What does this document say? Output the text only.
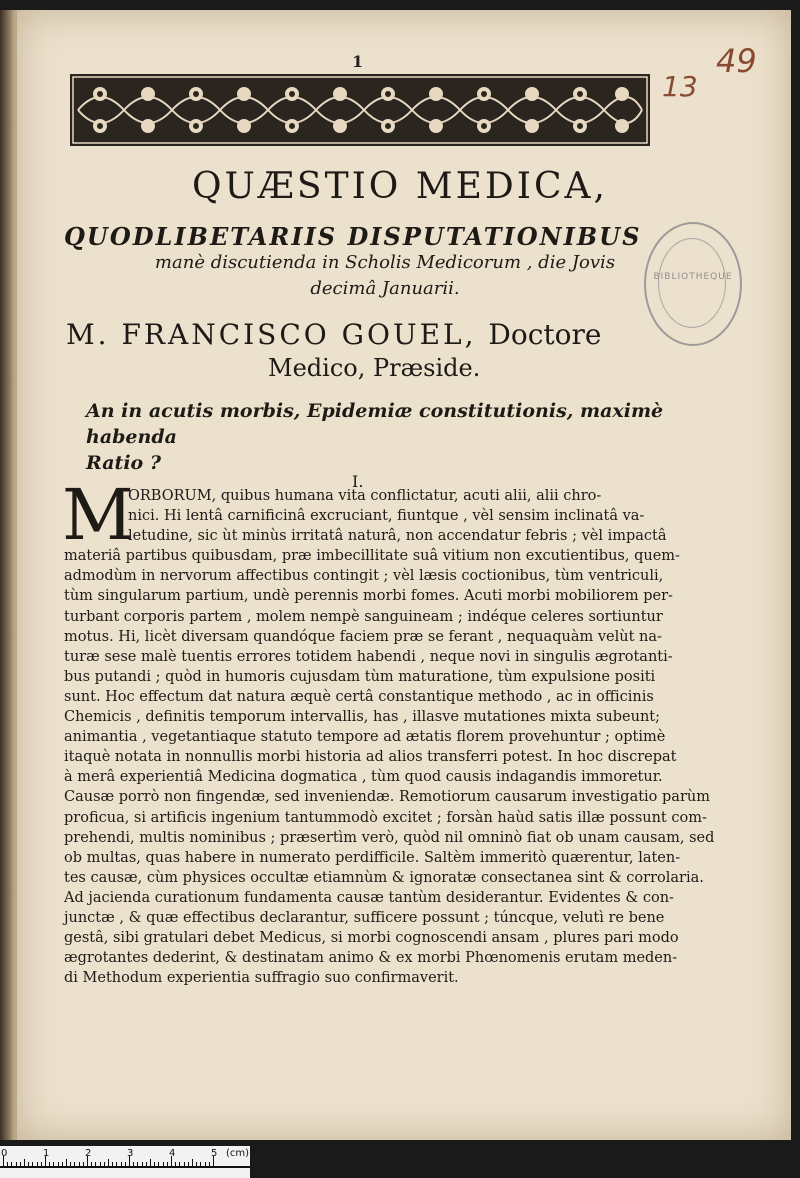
49
13
1
QUÆSTIO MEDICA,
QUODLIBETARIIS DISPUTATIONIBUS
manè discutienda in Scholis Medicorum , die Jovis
decimâ Januarii.
M. FRANCISCO GOUEL, Doctore
Medico, Præside.
An in acutis morbis, Epidemiæ constitutionis, maximè habenda
Ratio ?
BIBLIOTHEQUE
I.
M
ORBORUM, quibus humana vita conflictatur, acuti alii, alii chro-
nici. Hi lentâ carnificinâ excruciant, fiuntque , vèl sensim inclinatâ va-
letudine, sic ùt minùs irritatâ naturâ, non accendatur febris ; vèl impactâ
materiâ partibus quibusdam, præ imbecillitate suâ vitium non excutientibus, quem-
admodùm in nervorum affectibus contingit ; vèl læsis coctionibus, tùm ventriculi,
tùm singularum partium, undè perennis morbi fomes. Acuti morbi mobiliorem per-
turbant corporis partem , molem nempè sanguineam ; indéque celeres sortiuntur
motus. Hi, licèt diversam quandóque faciem præ se ferant , nequaquàm velùt na-
turæ sese malè tuentis errores totidem habendi , neque novi in singulis ægrotanti-
bus putandi ; quòd in humoris cujusdam tùm maturatione, tùm expulsione positi
sunt. Hoc effectum dat natura æquè certâ constantique methodo , ac in officinis
Chemicis , definitis temporum intervallis, has , illasve mutationes mixta subeunt;
animantia , vegetantiaque statuto tempore ad ætatis florem provehuntur ; optimè
itaquè notata in nonnullis morbi historia ad alios transferri potest. In hoc discrepat
à merâ experientiâ Medicina dogmatica , tùm quod causis indagandis immoretur.
Causæ porrò non fingendæ, sed inveniendæ. Remotiorum causarum investigatio parùm
proficua, si artificis ingenium tantummodò excitet ; forsàn haùd satis illæ possunt com-
prehendi, multis nominibus ; præsertìm verò, quòd nil omninò fiat ob unam causam, sed
ob multas, quas habere in numerato perdifficile. Saltèm immeritò quærentur, laten-
tes causæ, cùm physices occultæ etiamnùm & ignoratæ consectanea sint & corrolaria.
Ad jacienda curationum fundamenta causæ tantùm desiderantur. Evidentes & con-
junctæ , & quæ effectibus declarantur, sufficere possunt ; túncque, velutì re bene
gestâ, sibi gratulari debet Medicus, si morbi cognoscendi ansam , plures pari modo
ægrotantes dederint, & destinatam animo & ex morbi Phœnomenis erutam meden-
di Methodum experientia suffragio suo confirmaverit.
0	1	2	3	4	5 (cm)
